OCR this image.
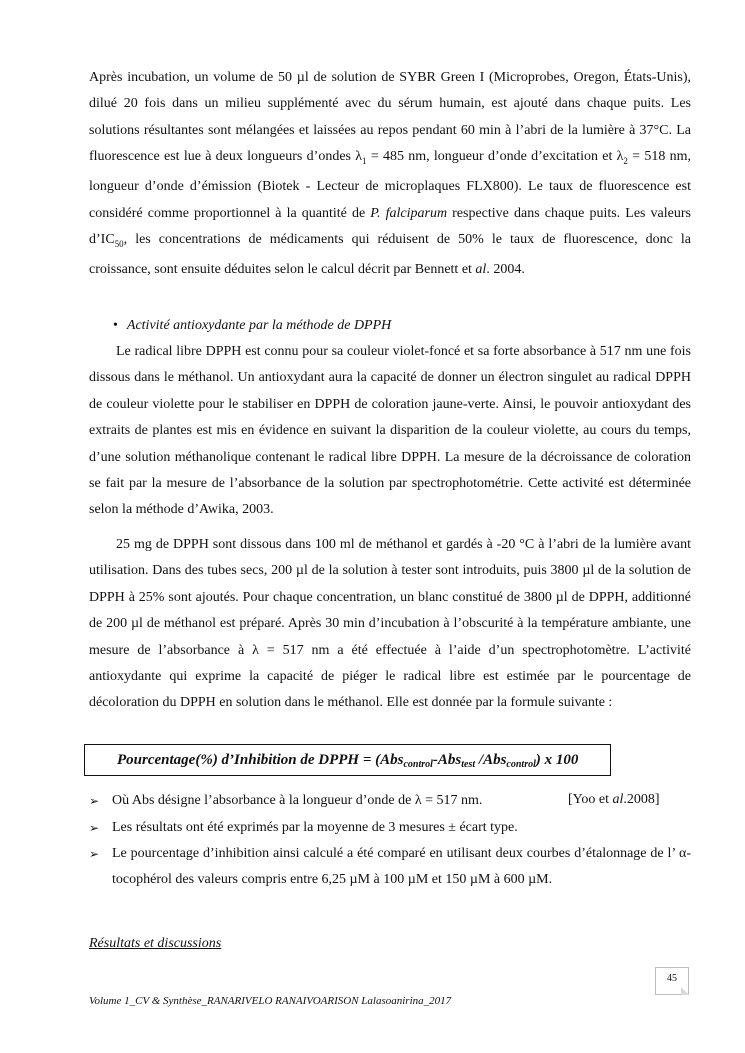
Après incubation, un volume de 50 µl de solution de SYBR Green I (Microprobes, Oregon, États-Unis), dilué 20 fois dans un milieu supplémenté avec du sérum humain, est ajouté dans chaque puits. Les solutions résultantes sont mélangées et laissées au repos pendant 60 min à l’abri de la lumière à 37°C. La fluorescence est lue à deux longueurs d’ondes $\lambda_1 = 485$ nm, longueur d’onde d’excitation et $\lambda_2 = 518$ nm, longueur d’onde d’émission (Biotek - Lecteur de microplaques FLX800). Le taux de fluorescence est considéré comme proportionnel à la quantité de P. falciparum respective dans chaque puits. Les valeurs $d’IC_{50}$, les concentrations de médicaments qui réduisent de 50% le taux de fluorescence, donc la croissance, sont ensuite déduites selon le calcul décrit par Bennett et al. 2004.

• Activité antioxydante par la méthode de DPPH

Le radical libre DPPH est connu pour sa couleur violet-foncé et sa forte absorbance à 517 nm une fois dissous dans le méthanol. Un antioxydant aura la capacité de donner un électron singulet au radical DPPH de couleur violette pour le stabiliser en DPPH de coloration jaune-verte. Ainsi, le pouvoir antioxydant des extraits de plantes est mis en évidence en suivant la disparition de la couleur violette, au cours du temps, d’une solution méthanolique contenant le radical libre DPPH. La mesure de la décroissance de coloration se fait par la mesure de l’absorbance de la solution par spectrophotométrie. Cette activité est déterminée selon la méthode d’Awika, 2003.

25 mg de DPPH sont dissous dans 100 ml de méthanol et gardés à -20 °C à l’abri de la lumière avant utilisation. Dans des tubes secs, 200 µl de la solution à tester sont introduits, puis 3800 µl de la solution de DPPH à 25% sont ajoutés. Pour chaque concentration, un blanc constitué de 3800 µl de DPPH, additionné de 200 µl de méthanol est préparé. Après 30 min d’incubation à l’obscurité à la température ambiante, une mesure de l’absorbance à λ = 517 nm a été effectuée à l’aide d’un spectrophotomètre. L’activité antioxydante qui exprime la capacité de piéger le radical libre est estimée par le pourcentage de décoloration du DPPH en solution dans le méthanol. Elle est donnée par la formule suivante :

Pourcentage(%) d’Inhibition de DPPH = (Abs$_{control}$-Abs$_{test}$ /Abs$_{control}$) x 100
➢ Où Abs désigne l’absorbance à la longueur d’onde de λ = 517 nm.	[Yoo et al.2008]
➢ Les résultats ont été exprimés par la moyenne de 3 mesures ± écart type.
➢ Le pourcentage d’inhibition ainsi calculé a été comparé en utilisant deux courbes d’étalonnage de l’ α- tocophérol des valeurs compris entre 6,25 µM à 100 µM et 150 µM à 600 µM.
Résultats et discussions
45
Volume 1_CV & Synthèse_RANARIVELO RANAIVOARISON Lalasoanirina_2017
